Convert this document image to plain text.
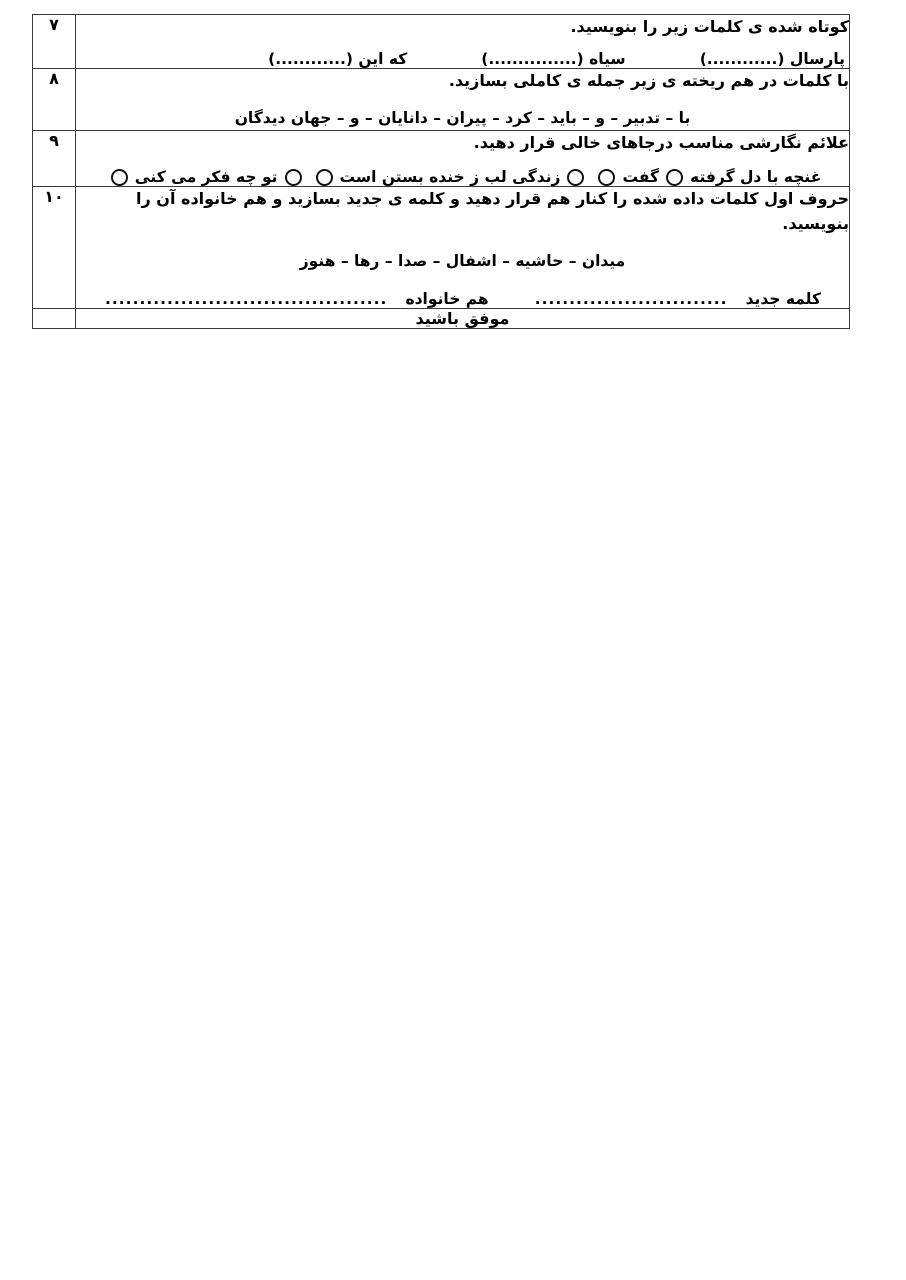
کوتاه شده ی کلمات زیر را بنویسید.
پارسال (............)
سیاه (...............)
که این (............)	۷

با کلمات در هم ریخته ی زیر جمله ی کاملی بسازید.
با – تدبیر – و – باید – کرد – پیران – دانایان – و – جهان دیدگان	۸

علائم نگارشی مناسب درجاهای خالی قرار دهید.
غنچه با دل گرفته
گفت
زندگی لب ز خنده بستن است
تو چه فکر می کنی	۹

حروف اول کلمات داده شده را کنار هم قرار دهید و کلمه ی جدید بسازید و هم خانواده آن را بنویسید.
میدان – حاشیه – اشفال – صدا – رها – هنوز
کلمه جدید
............................
هم خانواده
.........................................
	۱۰

موفق باشید	
